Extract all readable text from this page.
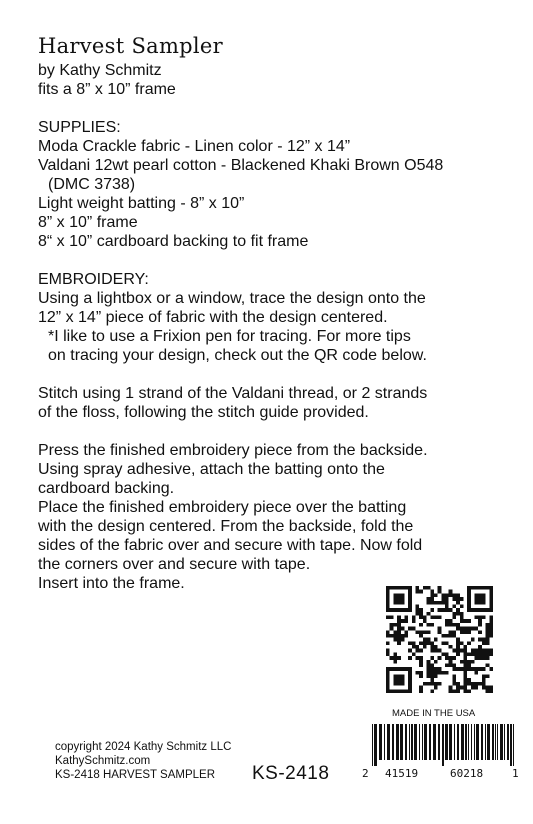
Harvest Sampler
by Kathy Schmitz
fits a 8” x 10” frame
SUPPLIES:
Moda Crackle fabric - Linen color - 12” x 14”
Valdani 12wt pearl cotton - Blackened Khaki Brown O548
(DMC 3738)
Light weight batting - 8” x 10”
8” x 10” frame
8“ x 10” cardboard backing to fit frame
EMBROIDERY:
Using a lightbox or a window, trace the design onto the
12” x 14” piece of fabric with the design centered.
*I like to use a Frixion pen for tracing. For more tips
on tracing your design, check out the QR code below.
Stitch using 1 strand of the Valdani thread, or 2 strands
of the floss, following the stitch guide provided.
Press the finished embroidery piece from the backside.
Using spray adhesive, attach the batting onto the
cardboard backing.
Place the finished embroidery piece over the batting
with the design centered. From the backside, fold the
sides of the fabric over and secure with tape. Now fold
the corners over and secure with tape.
Insert into the frame.
MADE IN THE USA
2 41519	60218	1
copyright 2024 Kathy Schmitz LLC
KathySchmitz.com
KS-2418 HARVEST SAMPLER KS-2418
